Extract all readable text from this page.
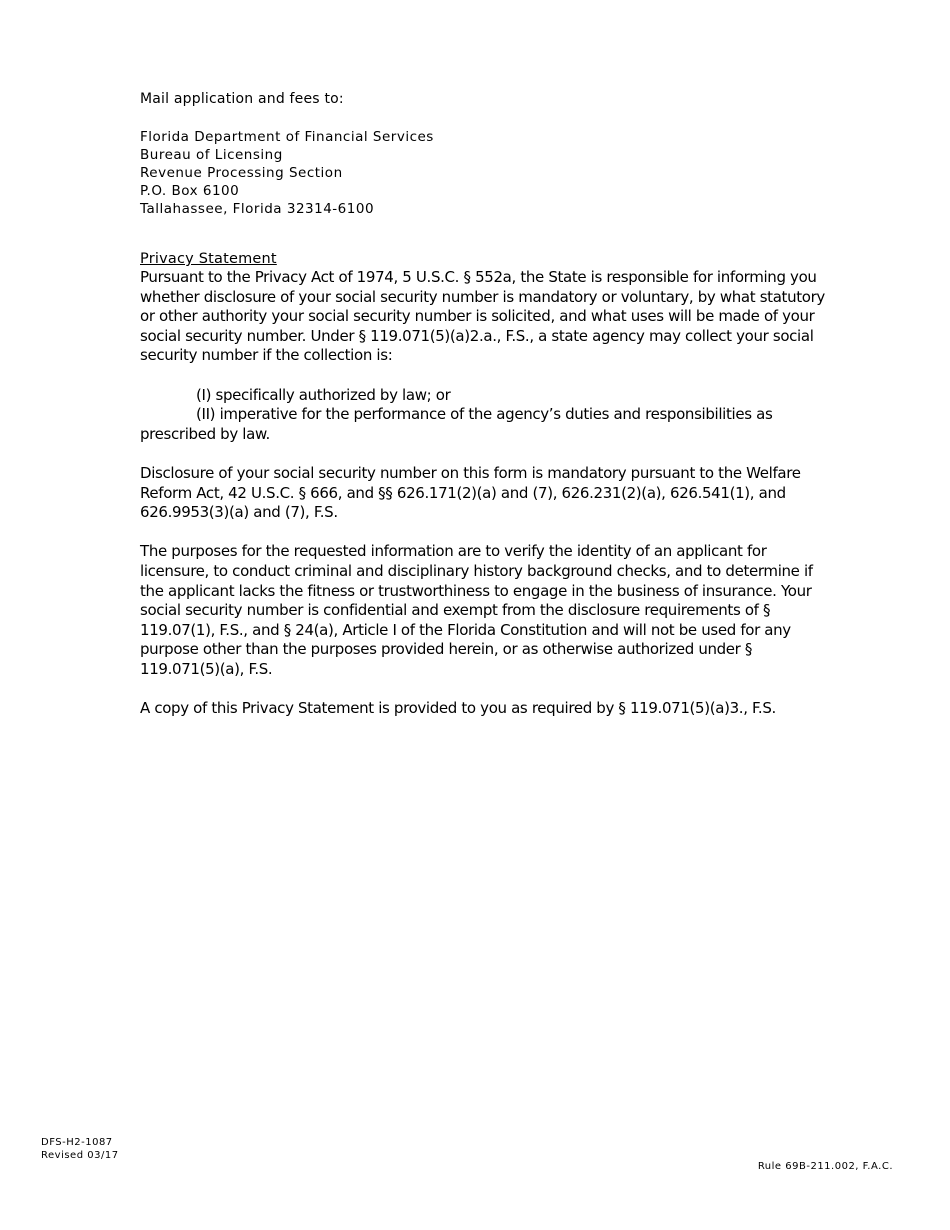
Mail application and fees to:
Florida Department of Financial Services
Bureau of Licensing
Revenue Processing Section
P.O. Box 6100
Tallahassee, Florida 32314-6100
Privacy Statement

Pursuant to the Privacy Act of 1974, 5 U.S.C. § 552a, the State is responsible for informing you whether disclosure of your social security number is mandatory or voluntary, by what statutory or other authority your social security number is solicited, and what uses will be made of your social security number. Under § 119.071(5)(a)2.a., F.S., a state agency may collect your social security number if the collection is:

(I) specifically authorized by law; or
(II) imperative for the performance of the agency’s duties and responsibilities as prescribed by law.

Disclosure of your social security number on this form is mandatory pursuant to the Welfare Reform Act, 42 U.S.C. § 666, and §§ 626.171(2)(a) and (7), 626.231(2)(a), 626.541(1), and 626.9953(3)(a) and (7), F.S.

The purposes for the requested information are to verify the identity of an applicant for licensure, to conduct criminal and disciplinary history background checks, and to determine if the applicant lacks the fitness or trustworthiness to engage in the business of insurance. Your social security number is confidential and exempt from the disclosure requirements of § 119.07(1), F.S., and § 24(a), Article I of the Florida Constitution and will not be used for any purpose other than the purposes provided herein, or as otherwise authorized under § 119.071(5)(a), F.S.

A copy of this Privacy Statement is provided to you as required by § 119.071(5)(a)3., F.S.

DFS-H2-1087
Revised 03/17
Rule 69B-211.002, F.A.C.
